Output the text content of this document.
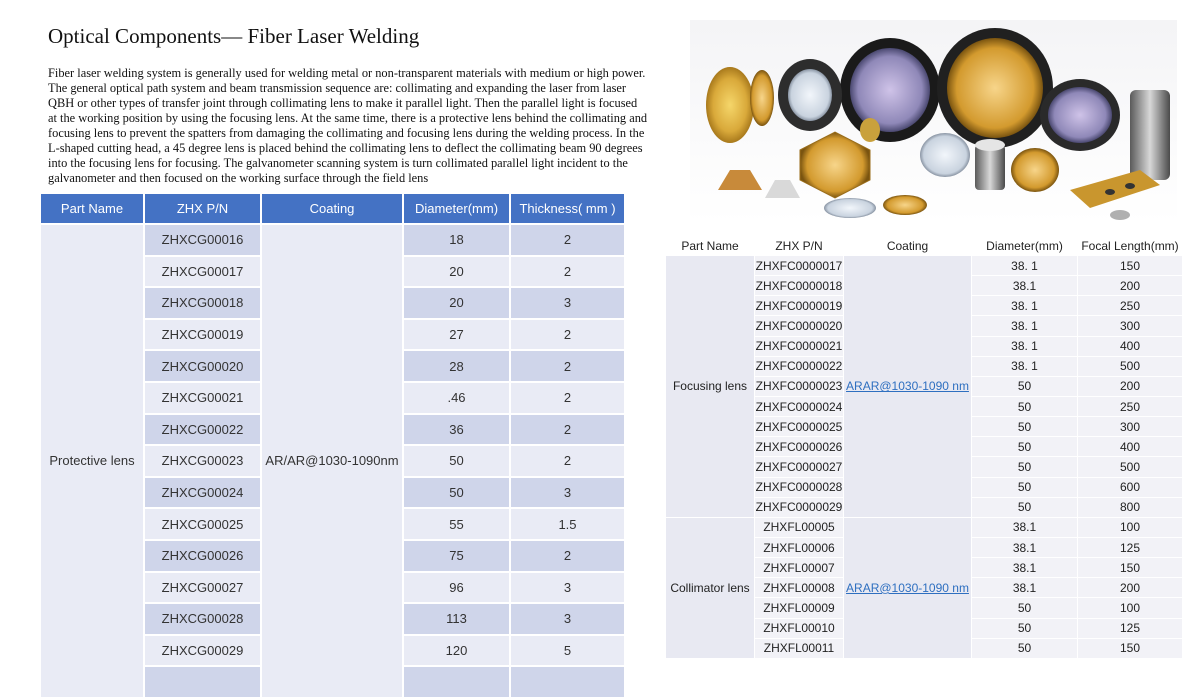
Optical Components— Fiber Laser Welding
Fiber laser welding system is generally used for welding metal or non-transparent materials with medium or high power. The general optical path system and beam transmission sequence are: collimating and expanding the laser from laser QBH or other types of transfer joint through collimating lens to make it parallel light. Then the parallel light is focused at the working position by using the focusing lens. At the same time, there is a protective lens behind the collimating and focusing lens to prevent the spatters from damaging the collimating and focusing lens during the welding process. In the L-shaped cutting head, a 45 degree lens is placed behind the collimating lens to deflect the collimating beam 90 degrees into the focusing lens for focusing. The galvanometer scanning system is turn collimated parallel light incident to the galvanometer and then focused on the working surface through the field lens
Part Name	ZHX P/N	Coating	Diameter(mm)	Thickness( mm )
Protective lens	ZHXCG00016	AR/AR@1030-1090nm	18	2
	ZHXCG00017		20	2
	ZHXCG00018		20	3
	ZHXCG00019		27	2
	ZHXCG00020		28	2
	ZHXCG00021		.46	2
	ZHXCG00022		36	2
	ZHXCG00023		50	2
	ZHXCG00024		50	3
	ZHXCG00025		55	1.5
	ZHXCG00026		75	2
	ZHXCG00027		96	3
	ZHXCG00028		113	3
	ZHXCG00029		120	5

Part Name	ZHX P/N	Coating	Diameter(mm)	Focal Length(mm)
Focusing lens	ZHXFC0000017	ARAR@1030-1090 nm	38. 1	150
	ZHXFC0000018		38.1	200
	ZHXFC0000019		38. 1	250
	ZHXFC0000020		38. 1	300
	ZHXFC0000021		38. 1	400
	ZHXFC0000022		38. 1	500
	ZHXFC0000023		50	200
	ZHXFC0000024		50	250
	ZHXFC0000025		50	300
	ZHXFC0000026		50	400
	ZHXFC0000027		50	500
	ZHXFC0000028		50	600
	ZHXFC0000029		50	800
Collimator lens	ZHXFL00005	ARAR@1030-1090 nm	38.1	100
	ZHXFL00006		38.1	125
	ZHXFL00007		38.1	150
	ZHXFL00008		38.1	200
	ZHXFL00009		50	100
	ZHXFL00010		50	125
	ZHXFL00011		50	150
